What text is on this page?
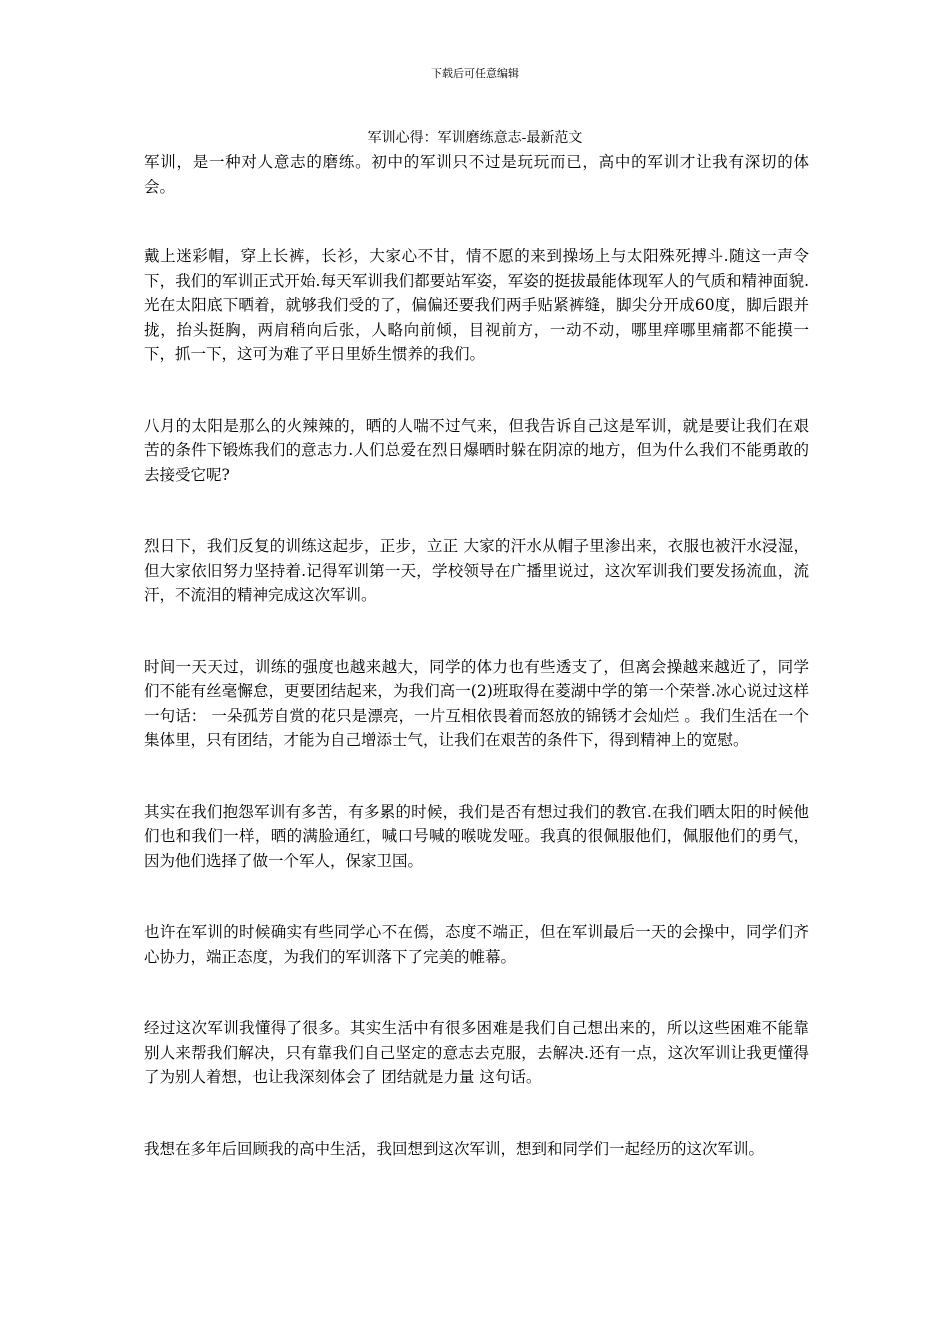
下载后可任意编辑
军训心得：军训磨练意志-最新范文

军训，是一种对人意志的磨练。初中的军训只不过是玩玩而已，高中的军训才让我有深切的体会。

戴上迷彩帽，穿上长裤，长衫，大家心不甘，情不愿的来到操场上与太阳殊死搏斗.随这一声令下，我们的军训正式开始.每天军训我们都要站军姿，军姿的挺拔最能体现军人的气质和精神面貌.光在太阳底下晒着，就够我们受的了，偏偏还要我们两手贴紧裤缝，脚尖分开成60度，脚后跟并拢，抬头挺胸，两肩稍向后张，人略向前倾，目视前方，一动不动，哪里痒哪里痛都不能摸一下，抓一下，这可为难了平日里娇生惯养的我们。

八月的太阳是那么的火辣辣的，晒的人喘不过气来，但我告诉自己这是军训，就是要让我们在艰苦的条件下锻炼我们的意志力.人们总爱在烈日爆晒时躲在阴凉的地方，但为什么我们不能勇敢的去接受它呢?

烈日下，我们反复的训练这起步，正步，立正 大家的汗水从帽子里渗出来，衣服也被汗水浸湿，但大家依旧努力坚持着.记得军训第一天，学校领导在广播里说过，这次军训我们要发扬流血，流汗，不流泪的精神完成这次军训。

时间一天天过，训练的强度也越来越大，同学的体力也有些透支了，但离会操越来越近了，同学们不能有丝毫懈怠，更要团结起来，为我们高一(2)班取得在菱湖中学的第一个荣誉.冰心说过这样一句话： 一朵孤芳自赏的花只是漂亮，一片互相依畏着而怒放的锦锈才会灿烂 。我们生活在一个集体里，只有团结，才能为自己增添士气，让我们在艰苦的条件下，得到精神上的宽慰。

其实在我们抱怨军训有多苦，有多累的时候，我们是否有想过我们的教官.在我们晒太阳的时候他们也和我们一样，晒的满脸通红，喊口号喊的喉咙发哑。我真的很佩服他们，佩服他们的勇气，因为他们选择了做一个军人，保家卫国。

也许在军训的时候确实有些同学心不在傿，态度不端正，但在军训最后一天的会操中，同学们齐心协力，端正态度，为我们的军训落下了完美的帷幕。

经过这次军训我懂得了很多。其实生活中有很多困难是我们自己想出来的，所以这些困难不能靠别人来帮我们解决，只有靠我们自己坚定的意志去克服，去解决.还有一点，这次军训让我更懂得了为别人着想，也让我深刻体会了 团结就是力量 这句话。

我想在多年后回顾我的高中生活，我回想到这次军训，想到和同学们一起经历的这次军训。
